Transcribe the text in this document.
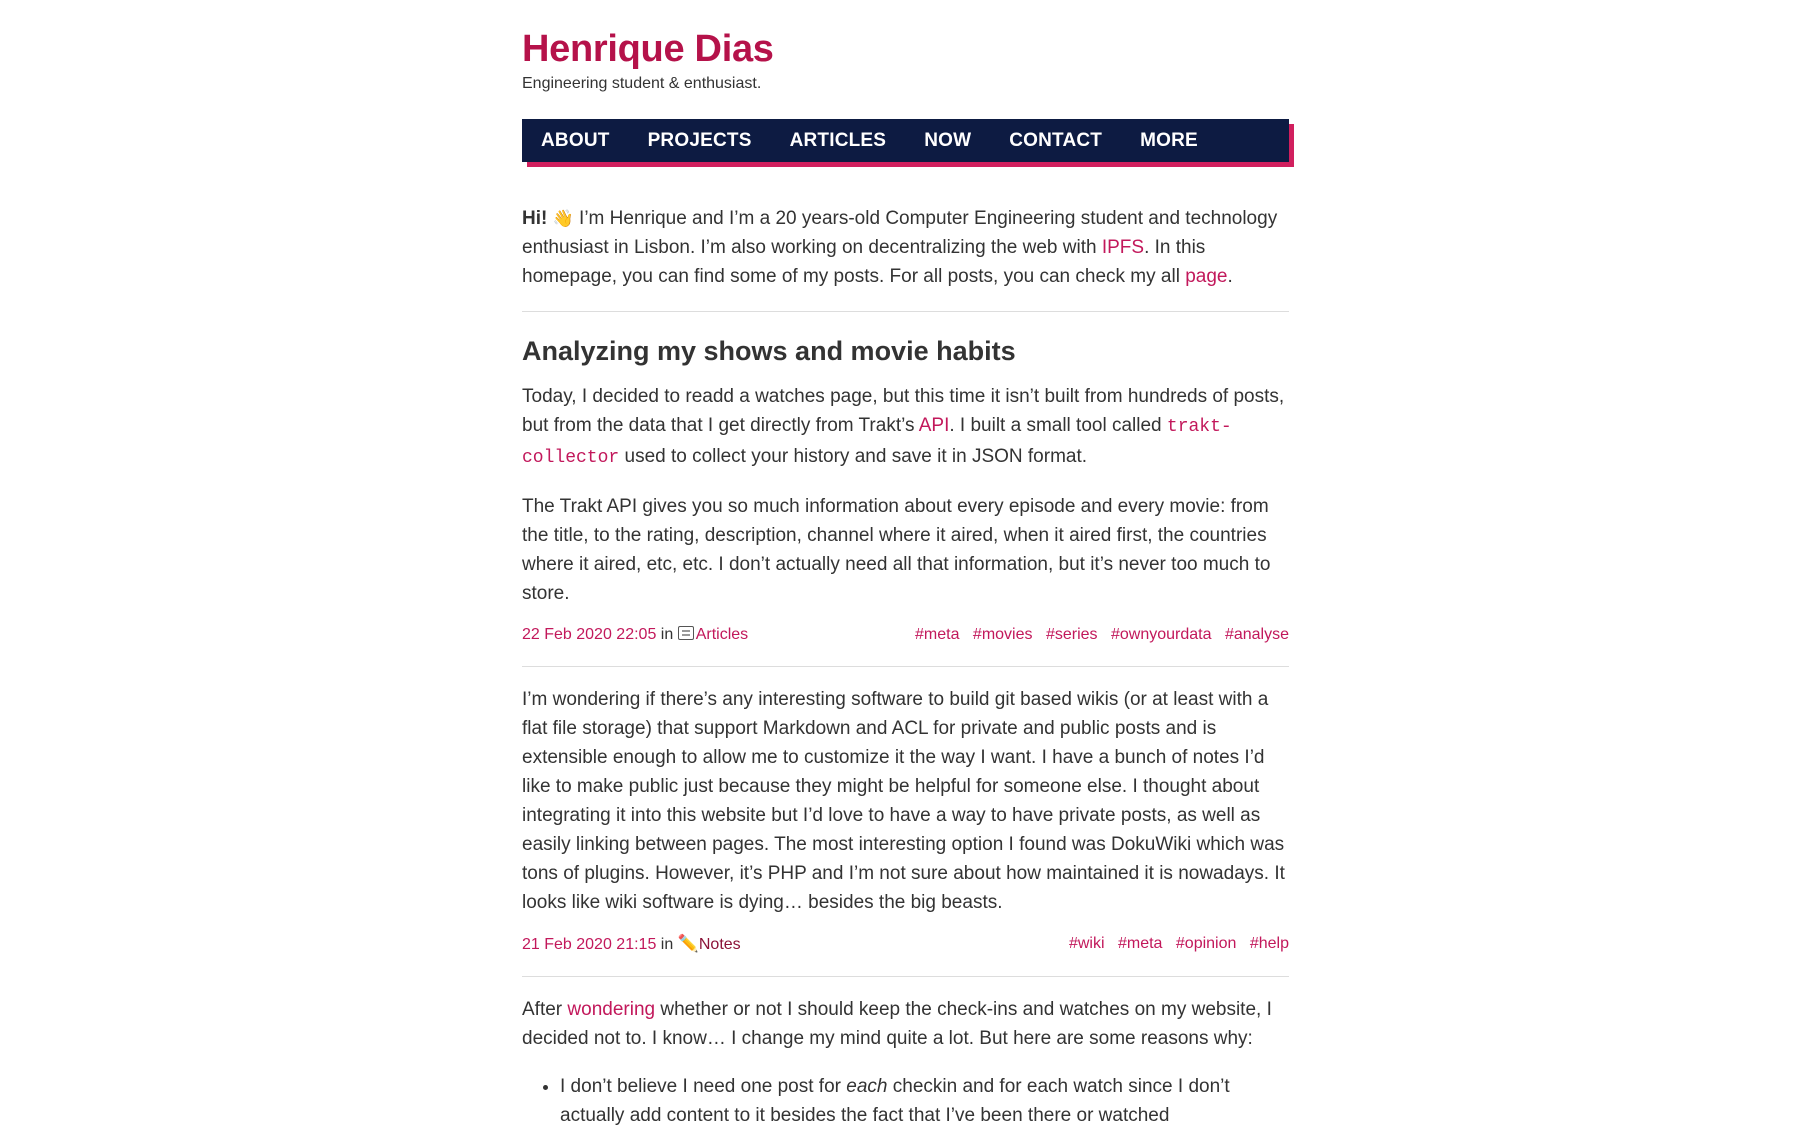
Henrique Dias

Engineering student & enthusiast.

ABOUT PROJECTS ARTICLES NOW CONTACT MORE

Hi! 👋 I’m Henrique and I’m a 20 years-old Computer Engineering student and technology enthusiast in Lisbon. I’m also working on decentralizing the web with IPFS. In this homepage, you can find some of my posts. For all posts, you can check my all page.

Analyzing my shows and movie habits

Today, I decided to readd a watches page, but this time it isn’t built from hundreds of posts, but from the data that I get directly from Trakt’s API. I built a small tool called trakt-collector used to collect your history and save it in JSON format.

The Trakt API gives you so much information about every episode and every movie: from the title, to the rating, description, channel where it aired, when it aired first, the countries where it aired, etc, etc. I don’t actually need all that information, but it’s never too much to store.

22 Feb 2020 22:05 in Articles	#meta #movies #series #ownyourdata #analyse

I’m wondering if there’s any interesting software to build git based wikis (or at least with a flat file storage) that support Markdown and ACL for private and public posts and is extensible enough to allow me to customize it the way I want. I have a bunch of notes I’d like to make public just because they might be helpful for someone else. I thought about integrating it into this website but I’d love to have a way to have private posts, as well as easily linking between pages. The most interesting option I found was DokuWiki which was tons of plugins. However, it’s PHP and I’m not sure about how maintained it is nowadays. It looks like wiki software is dying… besides the big beasts.

21 Feb 2020 21:15 in ✏️Notes	#wiki #meta #opinion #help

After wondering whether or not I should keep the check-ins and watches on my website, I decided not to. I know… I change my mind quite a lot. But here are some reasons why:

• I don’t believe I need one post for each checkin and for each watch since I don’t actually add content to it besides the fact that I’ve been there or watched
